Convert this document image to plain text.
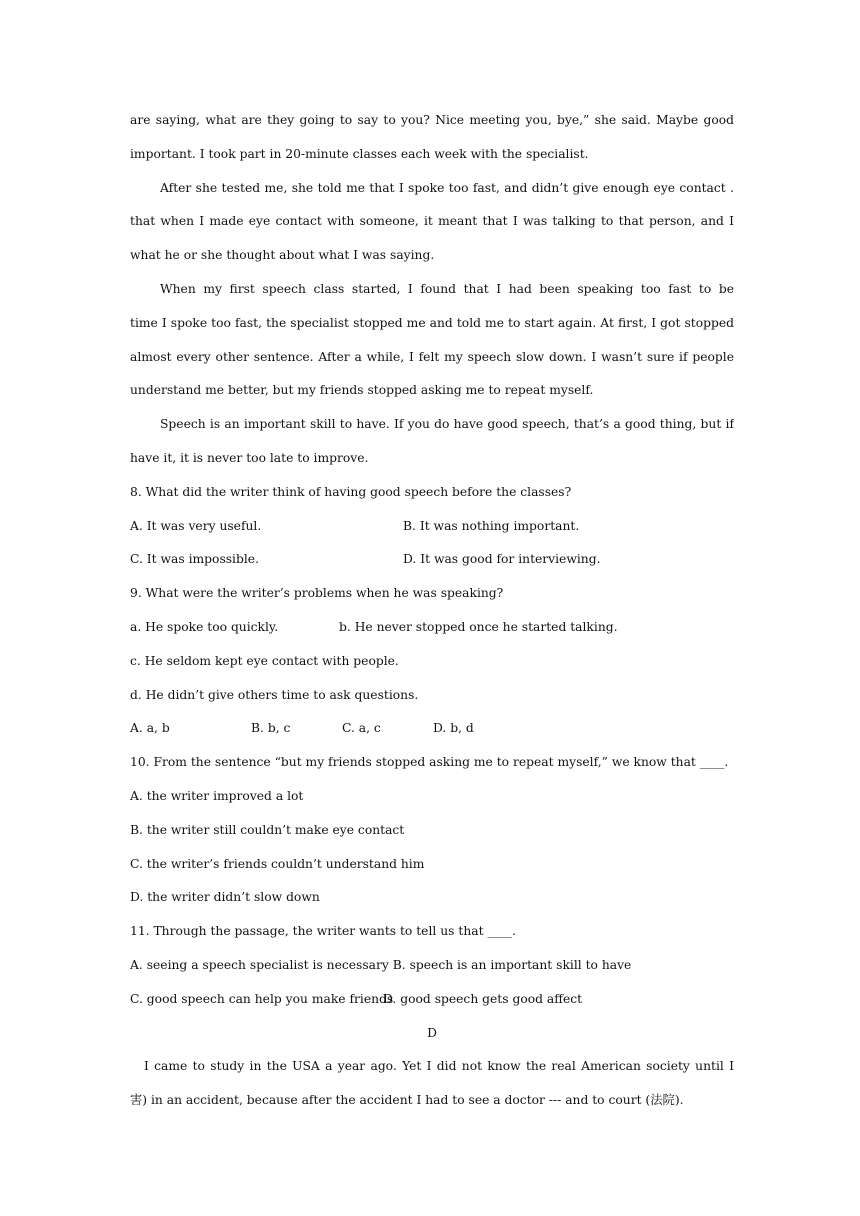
are saying, what are they going to say to you? Nice meeting you, bye,” she said. Maybe good
important. I took part in 20-minute classes each week with the specialist.
After she tested me, she told me that I spoke too fast, and didn’t give enough eye contact .
that when I made eye contact with someone, it meant that I was talking to that person, and I
what he or she thought about what I was saying.
When my first speech class started, I found that I had been speaking too fast to be
time I spoke too fast, the specialist stopped me and told me to start again. At first, I got stopped
almost every other sentence. After a while, I felt my speech slow down. I wasn’t sure if people
understand me better, but my friends stopped asking me to repeat myself.
Speech is an important skill to have. If you do have good speech, that’s a good thing, but if
have it, it is never too late to improve.
8. What did the writer think of having good speech before the classes?
A. It was very useful.	B. It was nothing important.
C. It was impossible.	D. It was good for interviewing.
9. What were the writer’s problems when he was speaking?
a. He spoke too quickly.	b. He never stopped once he started talking.
c. He seldom kept eye contact with people.
d. He didn’t give others time to ask questions.
A. a, b	B. b, c	C. a, c	D. b, d
10. From the sentence “but my friends stopped asking me to repeat myself,” we know that ____.
A. the writer improved a lot
B. the writer still couldn’t make eye contact
C. the writer’s friends couldn’t understand him
D. the writer didn’t slow down
11. Through the passage, the writer wants to tell us that ____.
A. seeing a speech specialist is necessary B. speech is an important skill to have
C. good speech can help you make friends
D. good speech gets good affect
D
I came to study in the USA a year ago. Yet I did not know the real American society until I
害) in an accident, because after the accident I had to see a doctor --- and to court (法院).
